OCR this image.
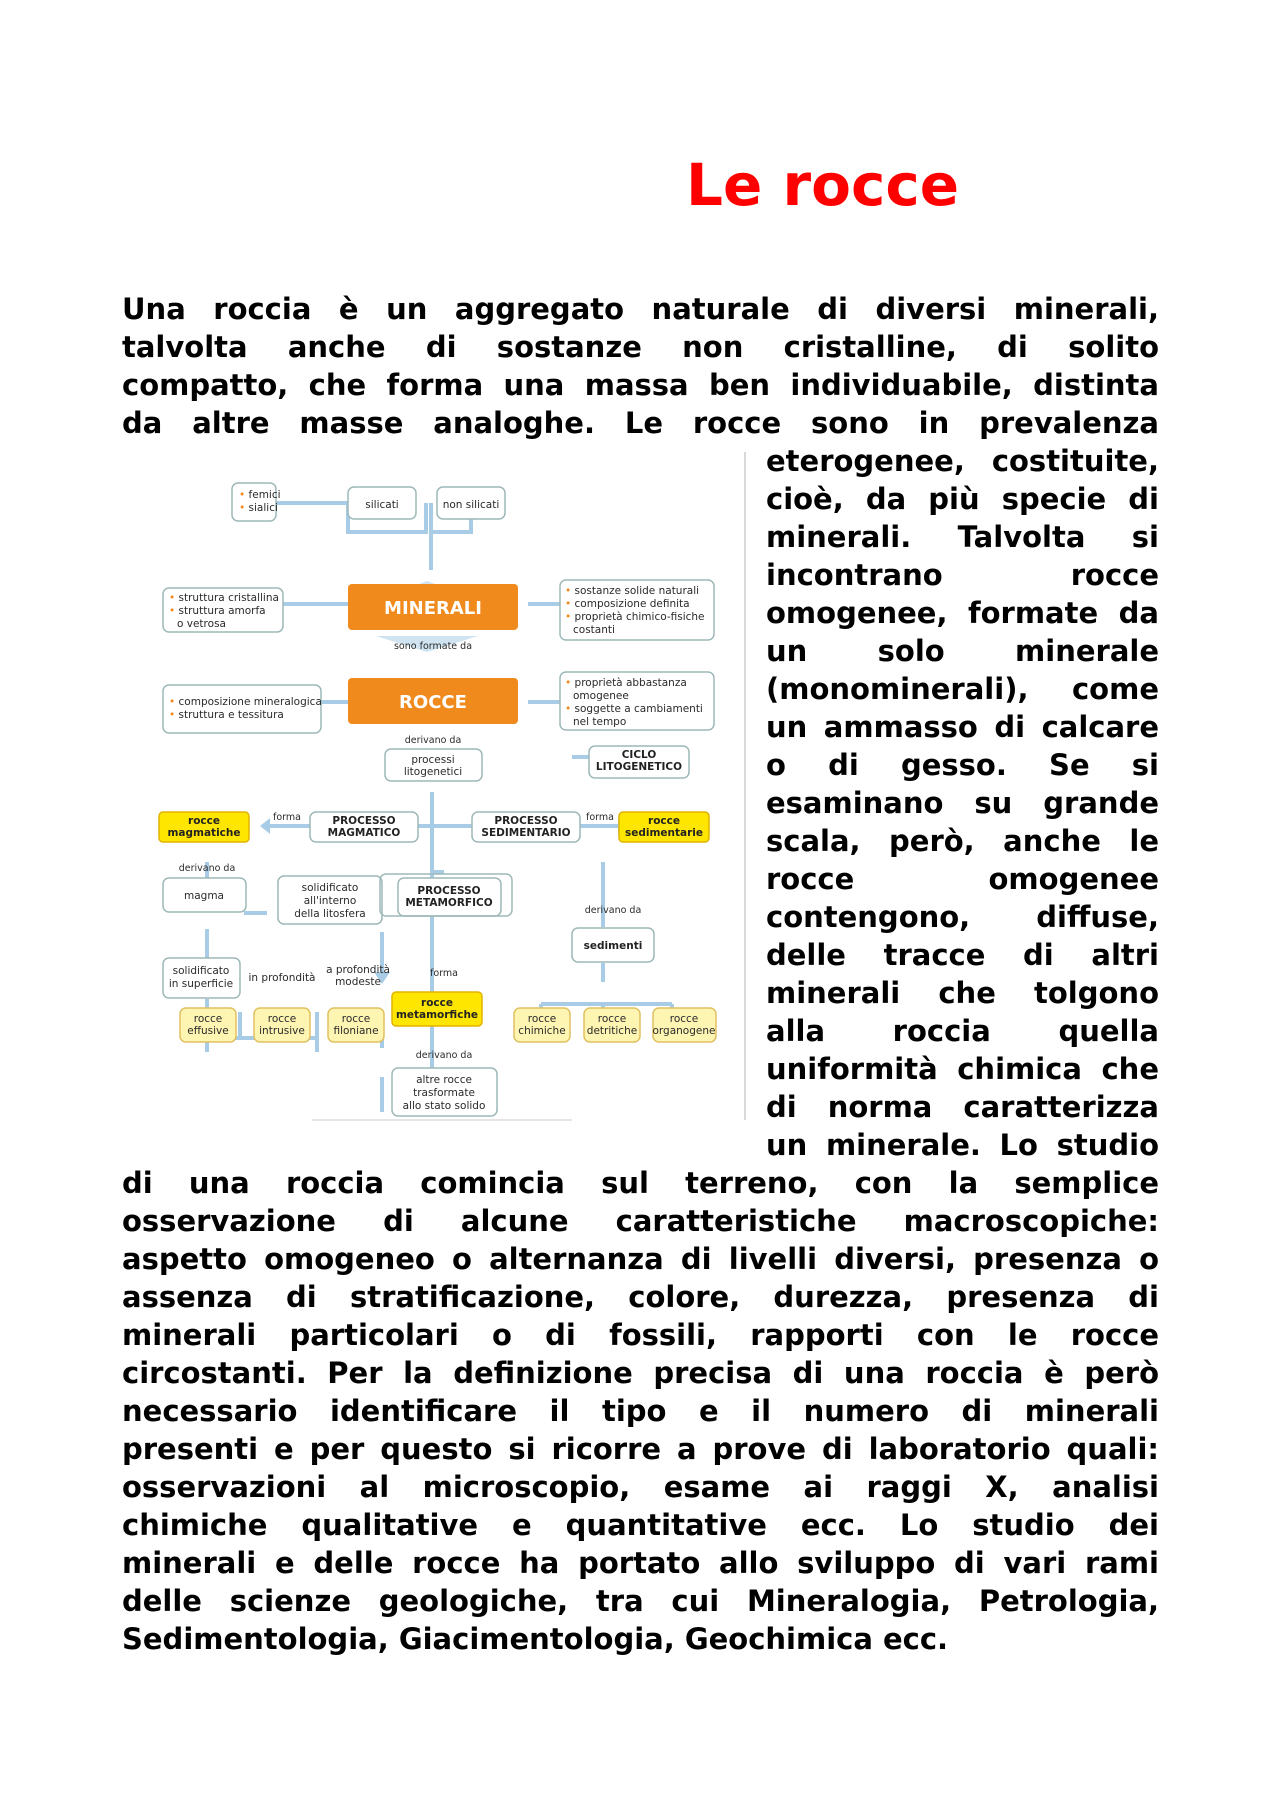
Le rocce
Una roccia è un aggregato naturale di diversi minerali,
talvolta anche di sostanze non cristalline, di solito
compatto, che forma una massa ben individuabile, distinta
da altre masse analoghe. Le rocce sono in prevalenza
eterogenee, costituite,
cioè, da più specie di
minerali. Talvolta si
incontrano rocce
omogenee, formate da
un solo minerale
(monominerali), come
un ammasso di calcare
o di gesso. Se si
esaminano su grande
scala, però, anche le
rocce omogenee
contengono, diffuse,
delle tracce di altri
minerali che tolgono
alla roccia quella
uniformità chimica che
di norma caratterizza
un minerale. Lo studio
di una roccia comincia sul terreno, con la semplice
osservazione di alcune caratteristiche macroscopiche:
aspetto omogeneo o alternanza di livelli diversi, presenza o
assenza di stratificazione, colore, durezza, presenza di
minerali particolari o di fossili, rapporti con le rocce
circostanti. Per la definizione precisa di una roccia è però
necessario identificare il tipo e il numero di minerali
presenti e per questo si ricorre a prove di laboratorio quali:
osservazioni al microscopio, esame ai raggi X, analisi
chimiche qualitative e quantitative ecc. Lo studio dei
minerali e delle rocce ha portato allo sviluppo di vari rami
delle scienze geologiche, tra cui Mineralogia, Petrologia,
Sedimentologia, Giacimentologia, Geochimica ecc.
• femici
• sialici	silicati	non silicati
• struttura cristallina
• struttura amorfa
o vetrosa
• sostanze solide naturali
• composizione definita
• proprietà chimico-fisiche
costanti
sono formate da
• composizione mineralogica
• struttura e tessitura
• proprietà abbastanza
omogenee
• soggette a cambiamenti
nel tempo
derivano da
processi
litogenetici
forma	forma
derivano da
magma
solidificato
all'interno
della litosfera	derivano da
solidificato
in superficie in profondità
a profondità
modeste
forma
derivano da
rocce
effusive
rocce
intrusive
rocce
filoniane
rocce
chimiche
rocce
detritiche
rocce
organogene
altre rocce
trasformate
allo stato solido
CICLO
LITOGENETICO
PROCESSO
MAGMATICO
PROCESSO
SEDIMENTARIO
rocce
magmatiche
rocce
sedimentarie
PROCESSO
METAMORFICO
sedimenti
rocce
metamorfiche
MINERALI
ROCCE
